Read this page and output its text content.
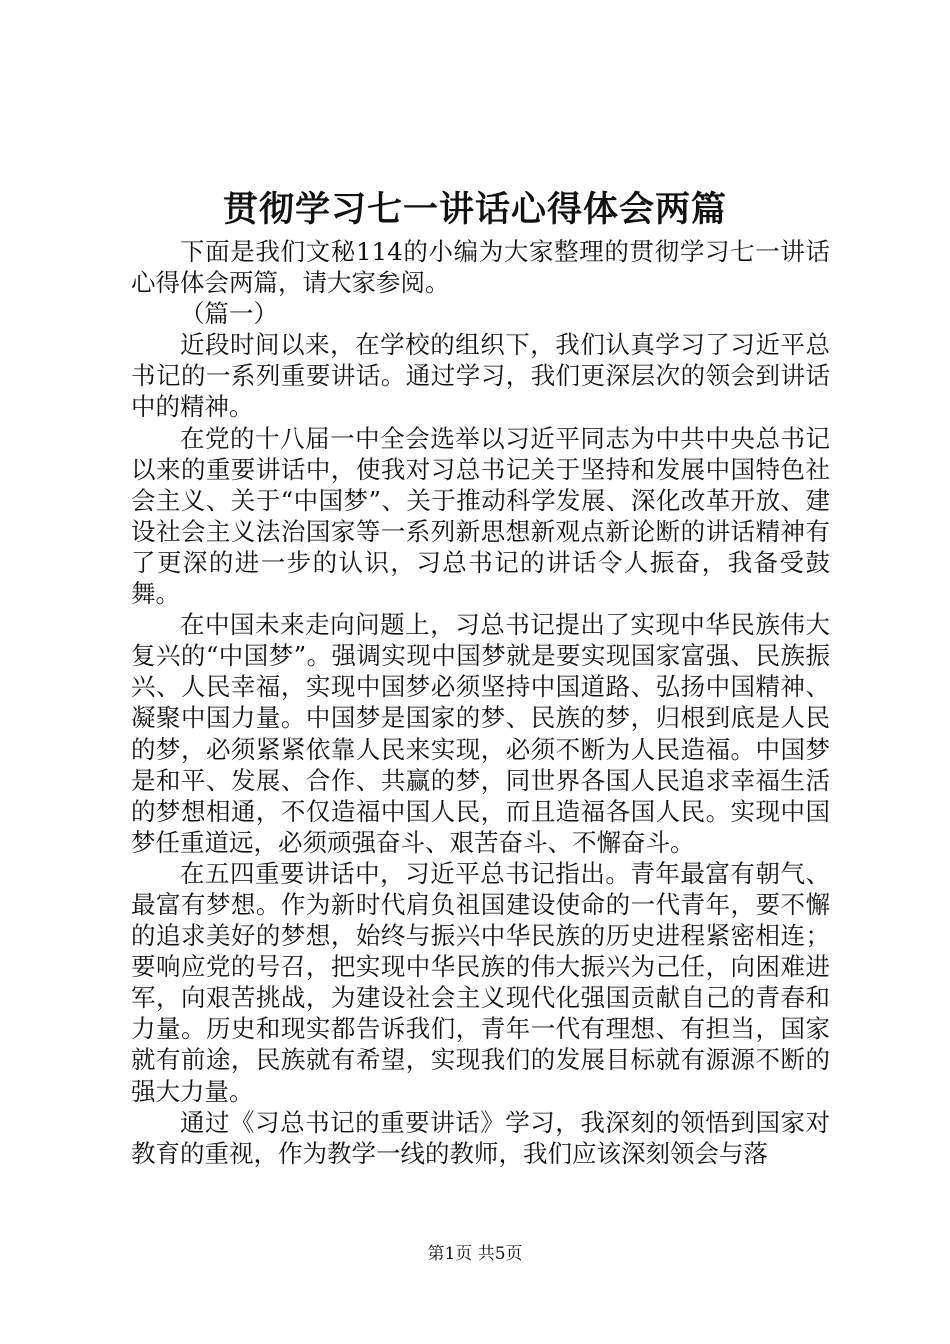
贯彻学习七一讲话心得体会两篇

下面是我们文秘114的小编为大家整理的贯彻学习七一讲话心得体会两篇，请大家参阅。

（篇一）

近段时间以来，在学校的组织下，我们认真学习了习近平总书记的一系列重要讲话。通过学习，我们更深层次的领会到讲话中的精神。

在党的十八届一中全会选举以习近平同志为中共中央总书记以来的重要讲话中，使我对习总书记关于坚持和发展中国特色社会主义、关于“中国梦”、关于推动科学发展、深化改革开放、建设社会主义法治国家等一系列新思想新观点新论断的讲话精神有了更深的进一步的认识，习总书记的讲话令人振奋，我备受鼓舞。

在中国未来走向问题上，习总书记提出了实现中华民族伟大复兴的“中国梦”。强调实现中国梦就是要实现国家富强、民族振兴、人民幸福，实现中国梦必须坚持中国道路、弘扬中国精神、凝聚中国力量。中国梦是国家的梦、民族的梦，归根到底是人民的梦，必须紧紧依靠人民来实现，必须不断为人民造福。中国梦是和平、发展、合作、共赢的梦，同世界各国人民追求幸福生活的梦想相通，不仅造福中国人民，而且造福各国人民。实现中国梦任重道远，必须顽强奋斗、艰苦奋斗、不懈奋斗。

在五四重要讲话中，习近平总书记指出。青年最富有朝气、最富有梦想。作为新时代肩负祖国建设使命的一代青年，要不懈的追求美好的梦想，始终与振兴中华民族的历史进程紧密相连；要响应党的号召，把实现中华民族的伟大振兴为己任，向困难进军，向艰苦挑战，为建设社会主义现代化强国贡献自己的青春和力量。历史和现实都告诉我们，青年一代有理想、有担当，国家就有前途，民族就有希望，实现我们的发展目标就有源源不断的强大力量。

通过《习总书记的重要讲话》学习，我深刻的领悟到国家对教育的重视，作为教学一线的教师，我们应该深刻领会与落

第1页 共5页
